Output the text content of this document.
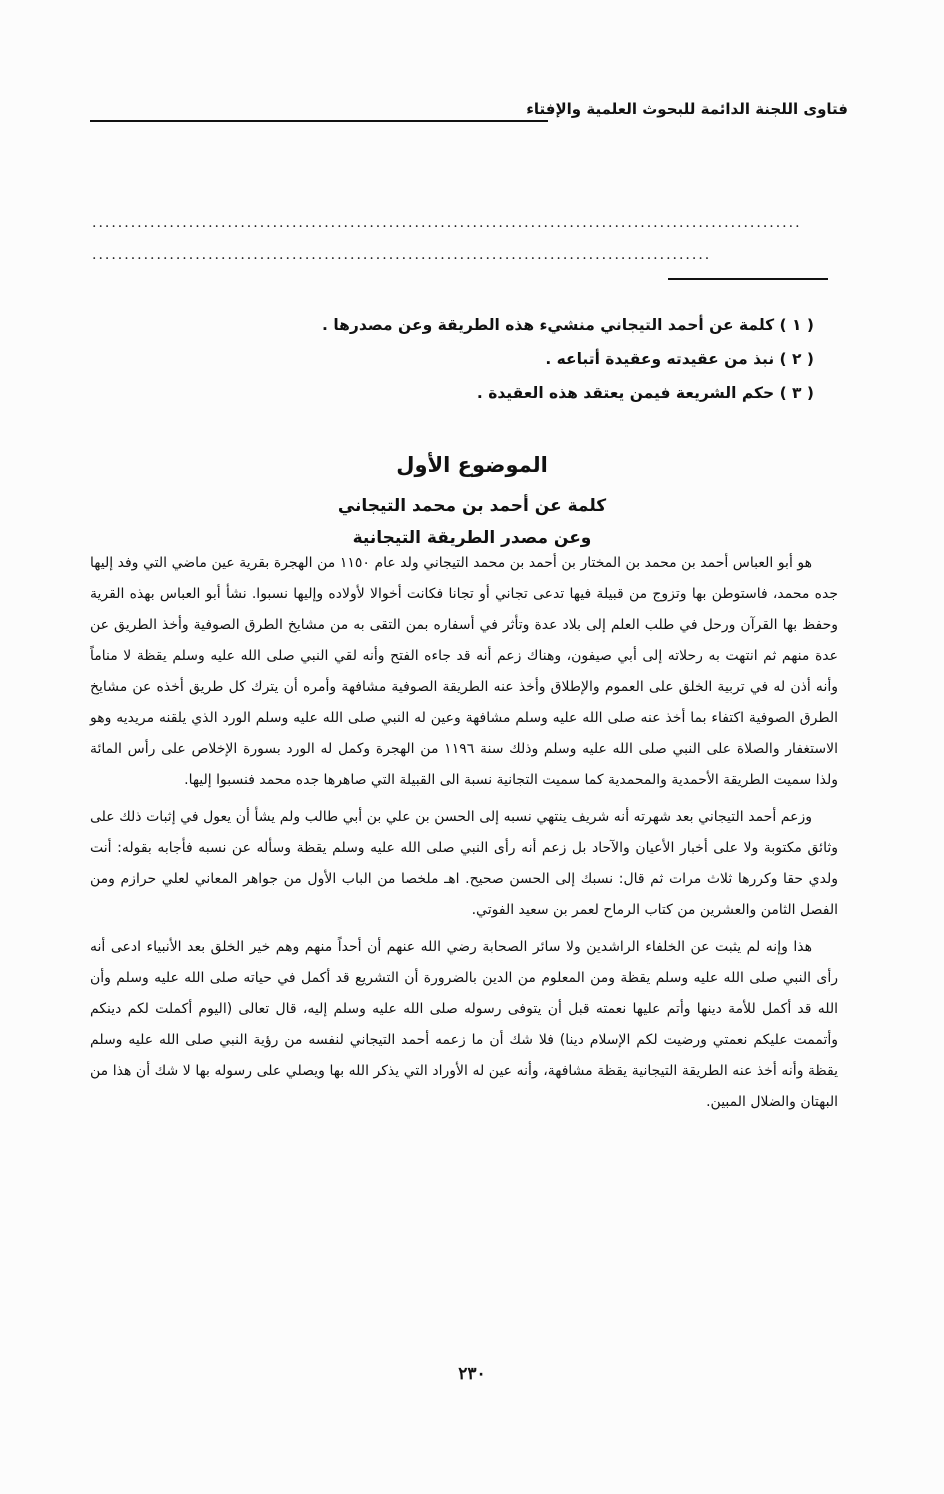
فتاوى اللجنة الدائمة للبحوث العلمية والإفتاء
..............................................................................................................
................................................................................................
( ١ ) كلمة عن أحمد التيجاني منشيء هذه الطريقة وعن مصدرها .
( ٢ ) نبذ من عقيدته وعقيدة أتباعه .
( ٣ ) حكم الشريعة فيمن يعتقد هذه العقيدة .
الموضوع الأول
كلمة عن أحمد بن محمد التيجاني
وعن مصدر الطريقة التيجانية

هو أبو العباس أحمد بن محمد بن المختار بن أحمد بن محمد التيجاني ولد عام ١١٥٠ من الهجرة بقرية عين ماضي التي وفد إليها جده محمد، فاستوطن بها وتزوج من قبيلة فيها تدعى تجاني أو تجانا فكانت أخوالا لأولاده وإليها نسبوا. نشأ أبو العباس بهذه القرية وحفظ بها القرآن ورحل في طلب العلم إلى بلاد عدة وتأثر في أسفاره بمن التقى به من مشايخ الطرق الصوفية وأخذ الطريق عن عدة منهم ثم انتهت به رحلاته إلى أبي صيفون، وهناك زعم أنه قد جاءه الفتح وأنه لقي النبي صلى الله عليه وسلم يقظة لا مناماً وأنه أذن له في تربية الخلق على العموم والإطلاق وأخذ عنه الطريقة الصوفية مشافهة وأمره أن يترك كل طريق أخذه عن مشايخ الطرق الصوفية اكتفاء بما أخذ عنه صلى الله عليه وسلم مشافهة وعين له النبي صلى الله عليه وسلم الورد الذي يلقنه مريديه وهو الاستغفار والصلاة على النبي صلى الله عليه وسلم وذلك سنة ١١٩٦ من الهجرة وكمل له الورد بسورة الإخلاص على رأس المائة ولذا سميت الطريقة الأحمدية والمحمدية كما سميت التجانية نسبة الى القبيلة التي صاهرها جده محمد فنسبوا إليها.

وزعم أحمد التيجاني بعد شهرته أنه شريف ينتهي نسبه إلى الحسن بن علي بن أبي طالب ولم يشأ أن يعول في إثبات ذلك على وثائق مكتوبة ولا على أخبار الأعيان والآحاد بل زعم أنه رأى النبي صلى الله عليه وسلم يقظة وسأله عن نسبه فأجابه بقوله: أنت ولدي حقا وكررها ثلاث مرات ثم قال: نسبك إلى الحسن صحيح. اهـ ملخصا من الباب الأول من جواهر المعاني لعلي حرازم ومن الفصل الثامن والعشرين من كتاب الرماح لعمر بن سعيد الفوتي.

هذا وإنه لم يثبت عن الخلفاء الراشدين ولا سائر الصحابة رضي الله عنهم أن أحداً منهم وهم خير الخلق بعد الأنبياء ادعى أنه رأى النبي صلى الله عليه وسلم يقظة ومن المعلوم من الدين بالضرورة أن التشريع قد أكمل في حياته صلى الله عليه وسلم وأن الله قد أكمل للأمة دينها وأتم عليها نعمته قبل أن يتوفى رسوله صلى الله عليه وسلم إليه، قال تعالى (اليوم أكملت لكم دينكم وأتممت عليكم نعمتي ورضيت لكم الإسلام دينا) فلا شك أن ما زعمه أحمد التيجاني لنفسه من رؤية النبي صلى الله عليه وسلم يقظة وأنه أخذ عنه الطريقة التيجانية يقظة مشافهة، وأنه عين له الأوراد التي يذكر الله بها ويصلي على رسوله بها لا شك أن هذا من البهتان والضلال المبين.

٢٣٠
